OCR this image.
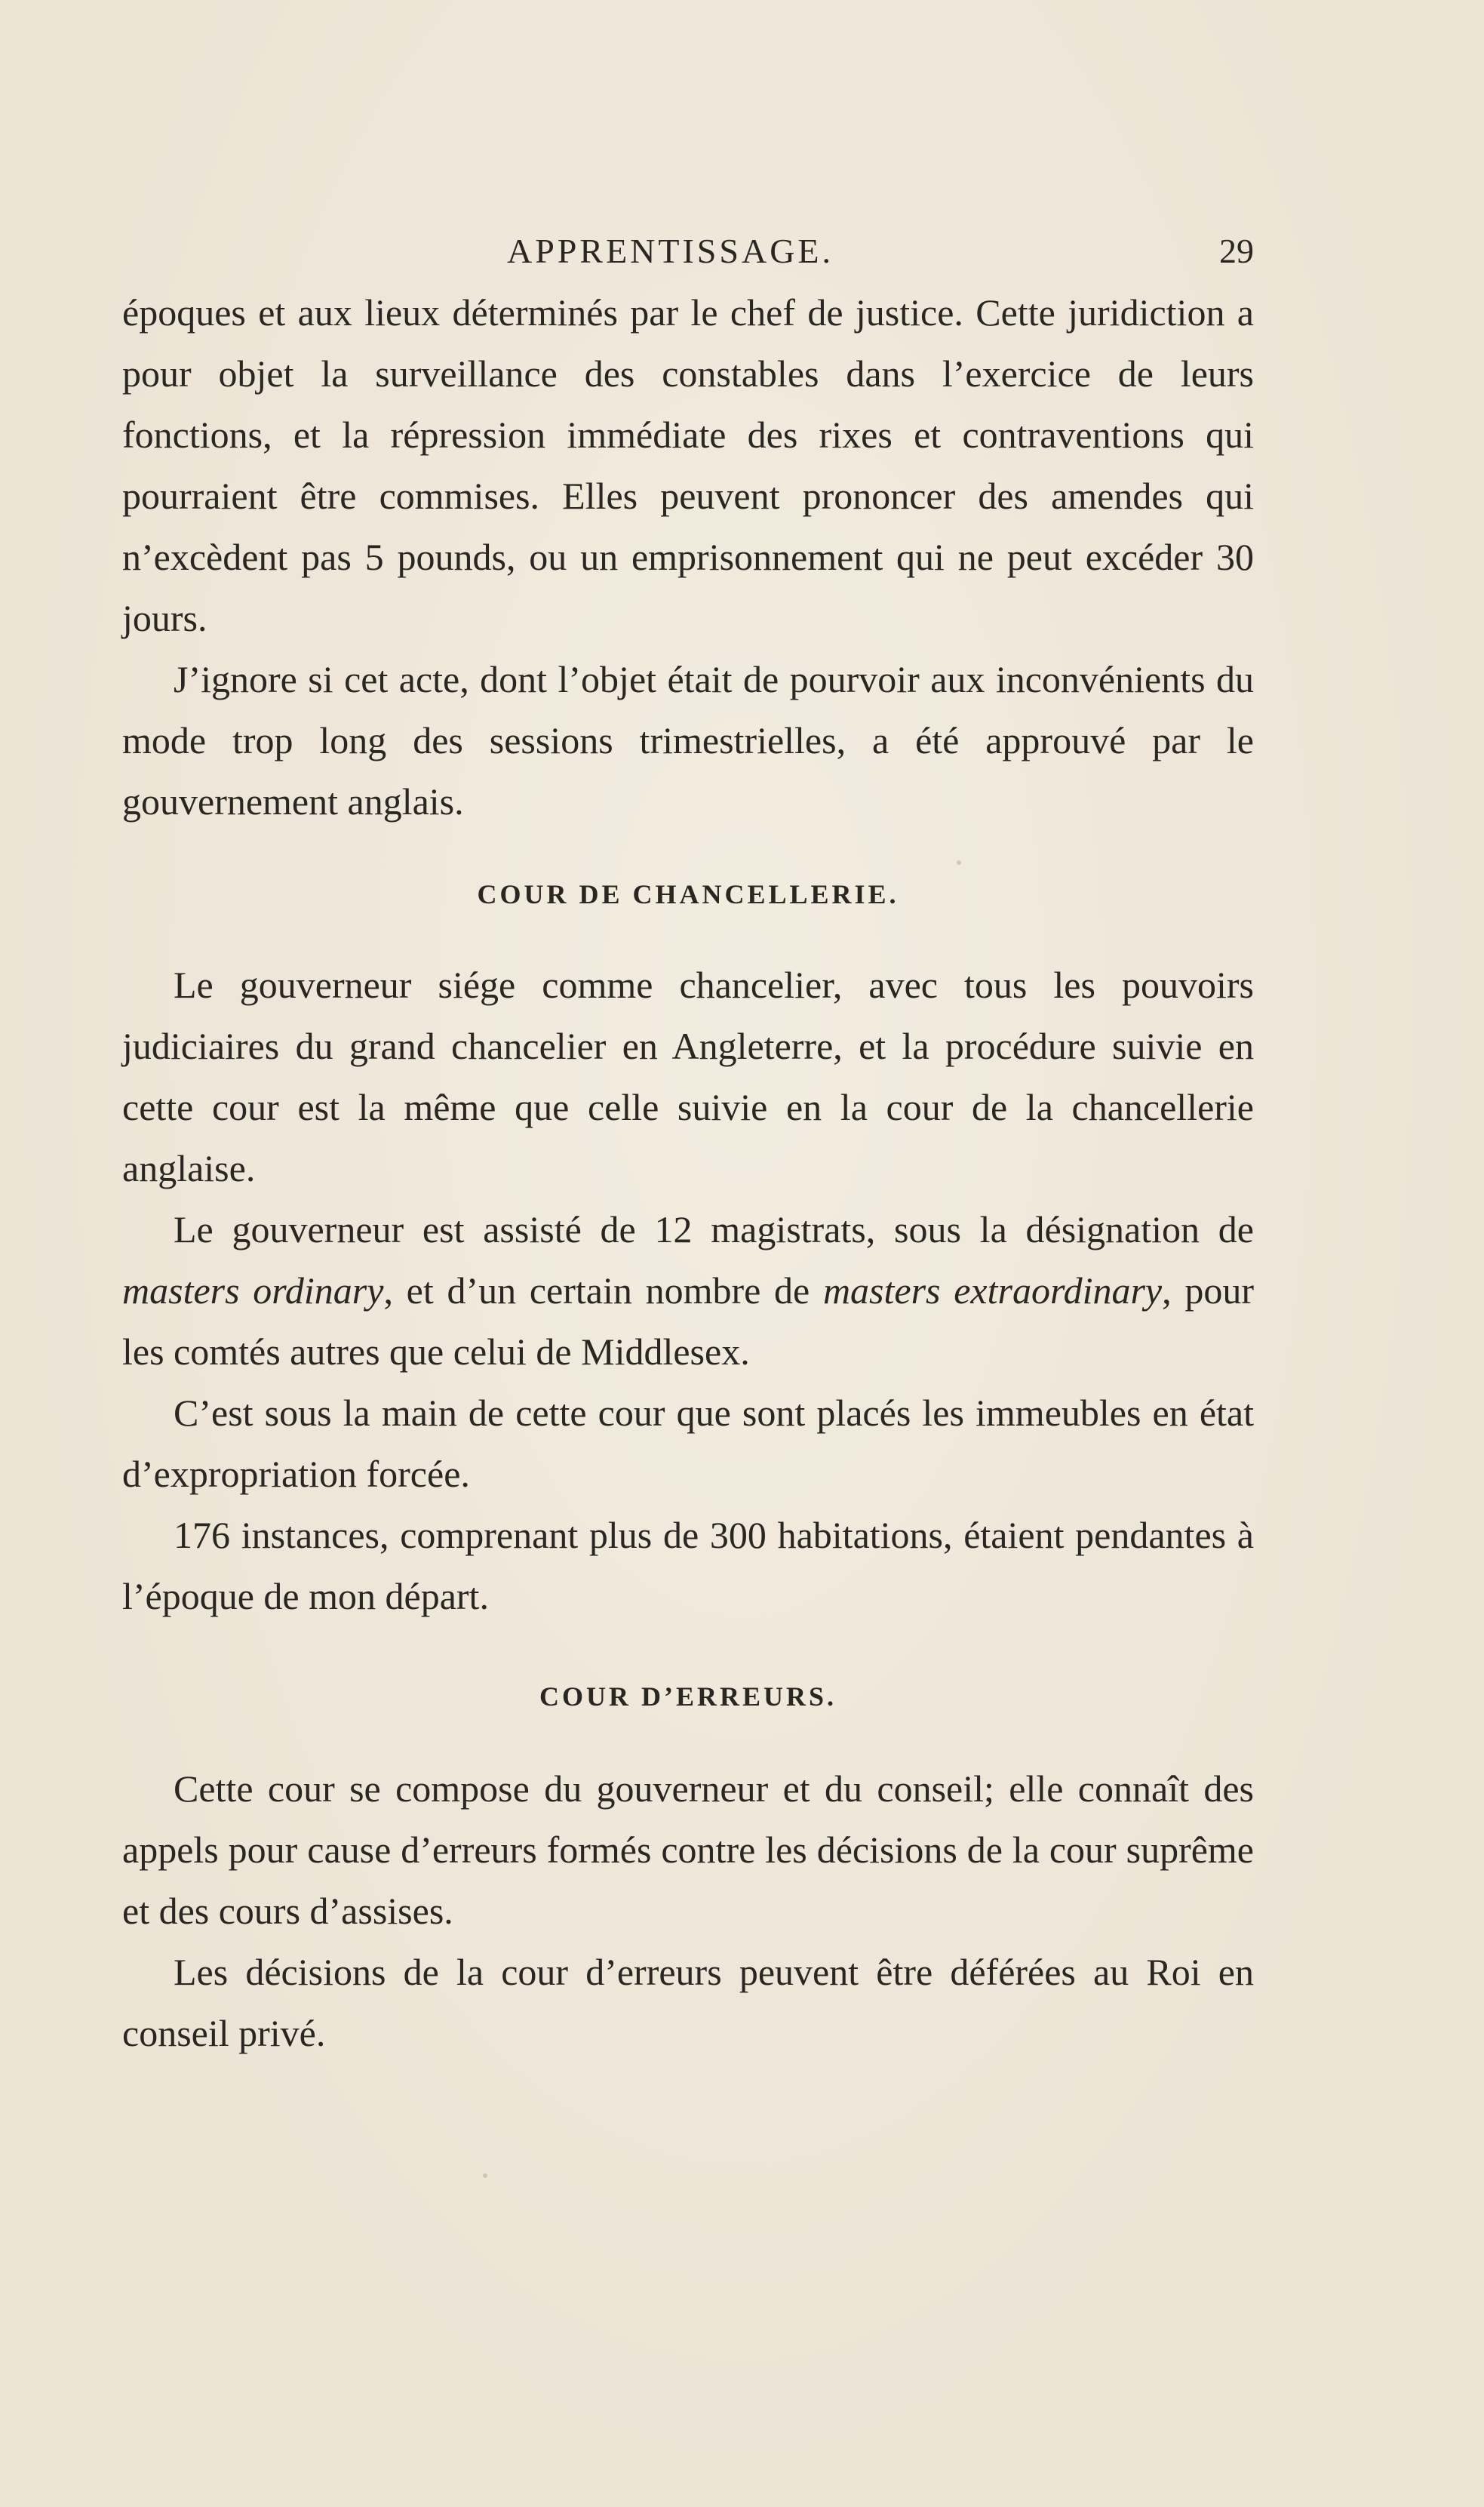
APPRENTISSAGE.	29

époques et aux lieux déterminés par le chef de justice. Cette juridiction a pour objet la surveillance des constables dans l’exercice de leurs fonctions, et la répression immédiate des rixes et contraventions qui pourraient être commises. Elles peuvent prononcer des amendes qui n’excèdent pas 5 pounds, ou un emprisonnement qui ne peut excéder 30 jours.

J’ignore si cet acte, dont l’objet était de pourvoir aux inconvénients du mode trop long des sessions trimestrielles, a été approuvé par le gouvernement anglais.

COUR DE CHANCELLERIE.

Le gouverneur siége comme chancelier, avec tous les pouvoirs judiciaires du grand chancelier en Angleterre, et la procédure suivie en cette cour est la même que celle suivie en la cour de la chancellerie anglaise.

Le gouverneur est assisté de 12 magistrats, sous la désignation de masters ordinary, et d’un certain nombre de masters extraordinary, pour les comtés autres que celui de Middlesex.

C’est sous la main de cette cour que sont placés les immeubles en état d’expropriation forcée.

176 instances, comprenant plus de 300 habitations, étaient pendantes à l’époque de mon départ.

COUR D’ERREURS.

Cette cour se compose du gouverneur et du conseil; elle connaît des appels pour cause d’erreurs formés contre les décisions de la cour suprême et des cours d’assises.

Les décisions de la cour d’erreurs peuvent être déférées au Roi en conseil privé.
